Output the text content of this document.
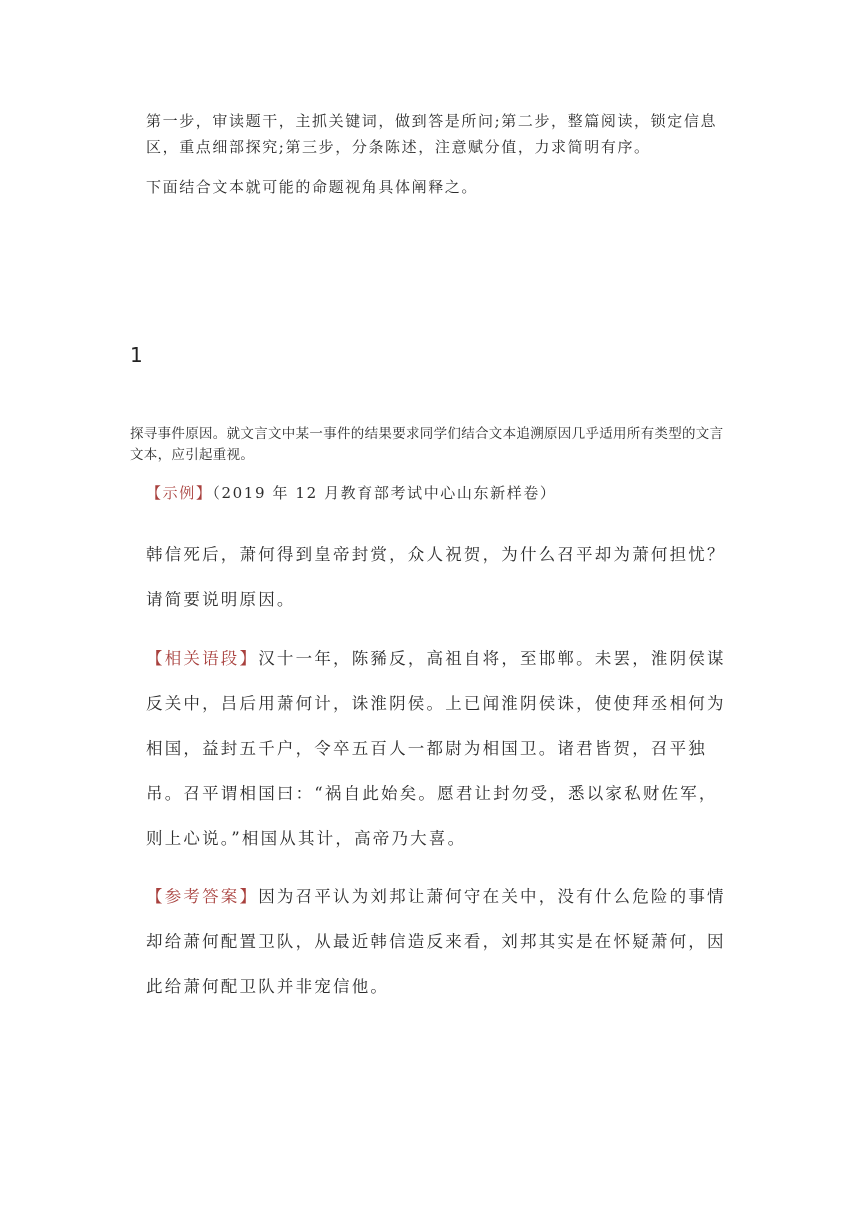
第一步，审读题干，主抓关键词，做到答是所问;第二步，整篇阅读，锁定信息区，重点细部探究;第三步，分条陈述，注意赋分值，力求简明有序。

下面结合文本就可能的命题视角具体阐释之。

1

探寻事件原因。就文言文中某一事件的结果要求同学们结合文本追溯原因几乎适用所有类型的文言文本，应引起重视。

【示例】（2019 年 12 月教育部考试中心山东新样卷）

韩信死后，萧何得到皇帝封赏，众人祝贺，为什么召平却为萧何担忧？请简要说明原因。

【相关语段】汉十一年，陈豨反，高祖自将，至邯郸。未罢，淮阴侯谋反关中，吕后用萧何计，诛淮阴侯。上已闻淮阴侯诛，使使拜丞相何为相国，益封五千户，令卒五百人一都尉为相国卫。诸君皆贺，召平独吊。召平谓相国曰：“祸自此始矣。愿君让封勿受，悉以家私财佐军，则上心说。”相国从其计，高帝乃大喜。

【参考答案】因为召平认为刘邦让萧何守在关中，没有什么危险的事情却给萧何配置卫队，从最近韩信造反来看，刘邦其实是在怀疑萧何，因此给萧何配卫队并非宠信他。
